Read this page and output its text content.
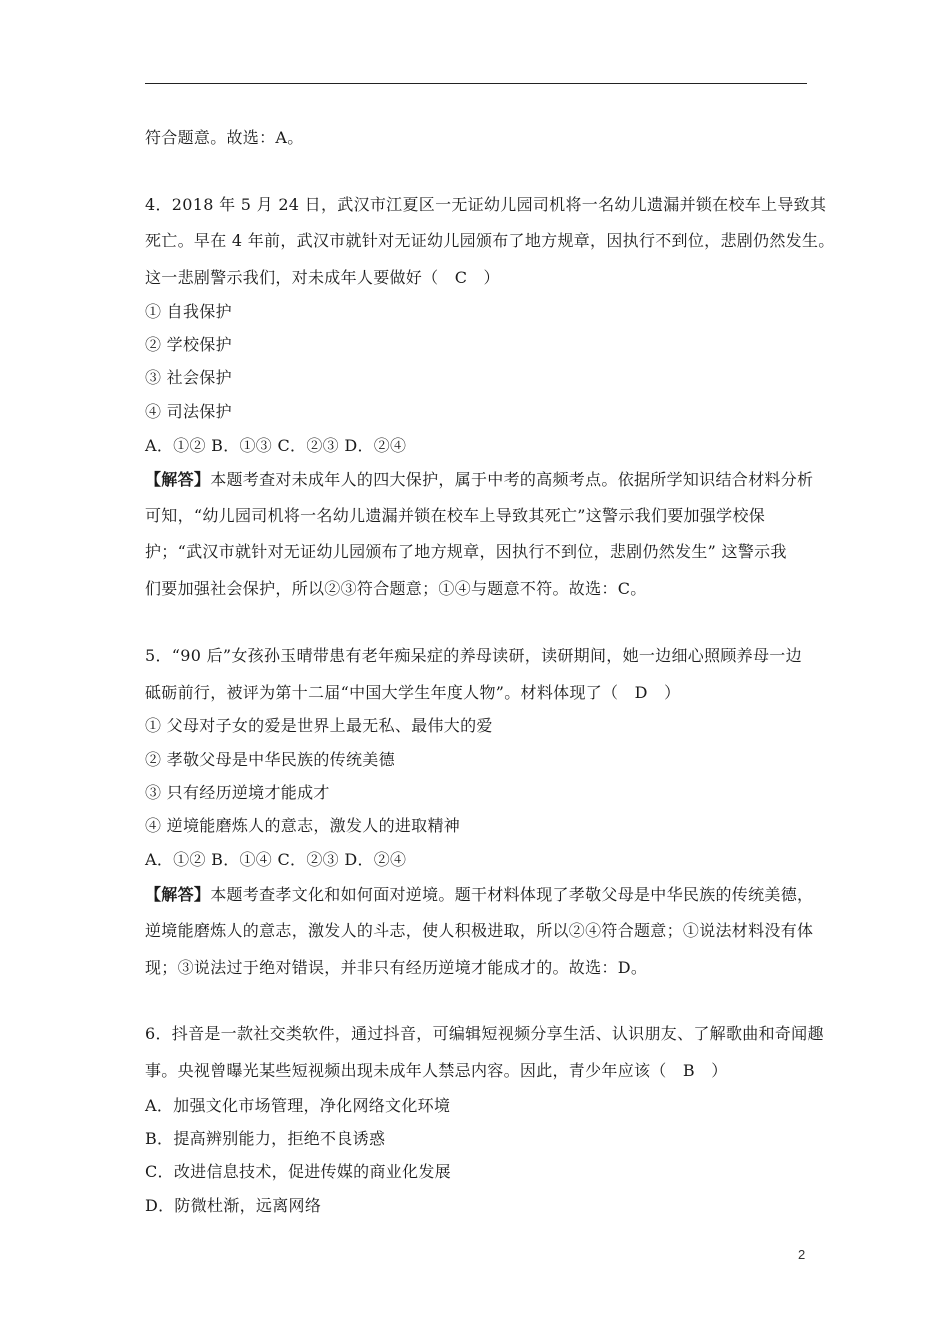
符合题意。故选：A。
4．2018 年 5 月 24 日，武汉市江夏区一无证幼儿园司机将一名幼儿遗漏并锁在校车上导致其
死亡。早在 4 年前，武汉市就针对无证幼儿园颁布了地方规章，因执行不到位，悲剧仍然发生。
这一悲剧警示我们，对未成年人要做好（　C　）
① 自我保护
② 学校保护
③ 社会保护
④ 司法保护
A．①② B．①③ C．②③ D．②④
【解答】本题考查对未成年人的四大保护，属于中考的高频考点。依据所学知识结合材料分析
可知，“幼儿园司机将一名幼儿遗漏并锁在校车上导致其死亡”这警示我们要加强学校保
护；“武汉市就针对无证幼儿园颁布了地方规章，因执行不到位，悲剧仍然发生” 这警示我
们要加强社会保护，所以②③符合题意；①④与题意不符。故选：C。
5．“90 后”女孩孙玉晴带患有老年痴呆症的养母读研，读研期间，她一边细心照顾养母一边
砥砺前行，被评为第十二届“中国大学生年度人物”。材料体现了（　D　）
① 父母对子女的爱是世界上最无私、最伟大的爱
② 孝敬父母是中华民族的传统美德
③ 只有经历逆境才能成才
④ 逆境能磨炼人的意志，激发人的进取精神
A．①② B．①④ C．②③ D．②④
【解答】本题考查孝文化和如何面对逆境。题干材料体现了孝敬父母是中华民族的传统美德，
逆境能磨炼人的意志，激发人的斗志，使人积极进取，所以②④符合题意；①说法材料没有体
现；③说法过于绝对错误，并非只有经历逆境才能成才的。故选：D。
6．抖音是一款社交类软件，通过抖音，可编辑短视频分享生活、认识朋友、了解歌曲和奇闻趣
事。央视曾曝光某些短视频出现未成年人禁忌内容。因此，青少年应该（　B　）
A．加强文化市场管理，净化网络文化环境
B．提高辨别能力，拒绝不良诱惑
C．改进信息技术，促进传媒的商业化发展
D．防微杜渐，远离网络
2
